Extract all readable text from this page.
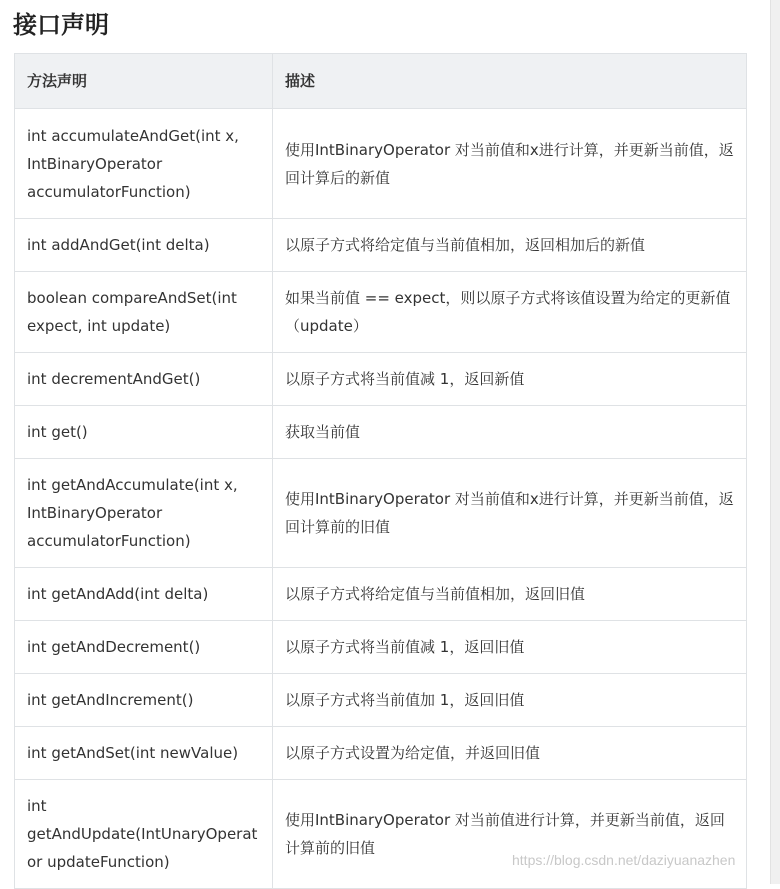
接口声明
方法声明	描述
int accumulateAndGet(int x, IntBinaryOperator accumulatorFunction)	使用IntBinaryOperator 对当前值和x进行计算，并更新当前值，返回计算后的新值
int addAndGet(int delta)	以原子方式将给定值与当前值相加，返回相加后的新值
boolean compareAndSet(int expect, int update)	如果当前值 == expect，则以原子方式将该值设置为给定的更新值（update）
int decrementAndGet()	以原子方式将当前值减 1，返回新值
int get()	获取当前值
int getAndAccumulate(int x, IntBinaryOperator accumulatorFunction)	使用IntBinaryOperator 对当前值和x进行计算，并更新当前值，返回计算前的旧值
int getAndAdd(int delta)	以原子方式将给定值与当前值相加，返回旧值
int getAndDecrement()	以原子方式将当前值减 1，返回旧值
int getAndIncrement()	以原子方式将当前值加 1，返回旧值
int getAndSet(int newValue)	以原子方式设置为给定值，并返回旧值
int getAndUpdate(IntUnaryOperator updateFunction)	使用IntBinaryOperator 对当前值进行计算，并更新当前值，返回计算前的旧值
https://blog.csdn.net/daziyuanazhen
